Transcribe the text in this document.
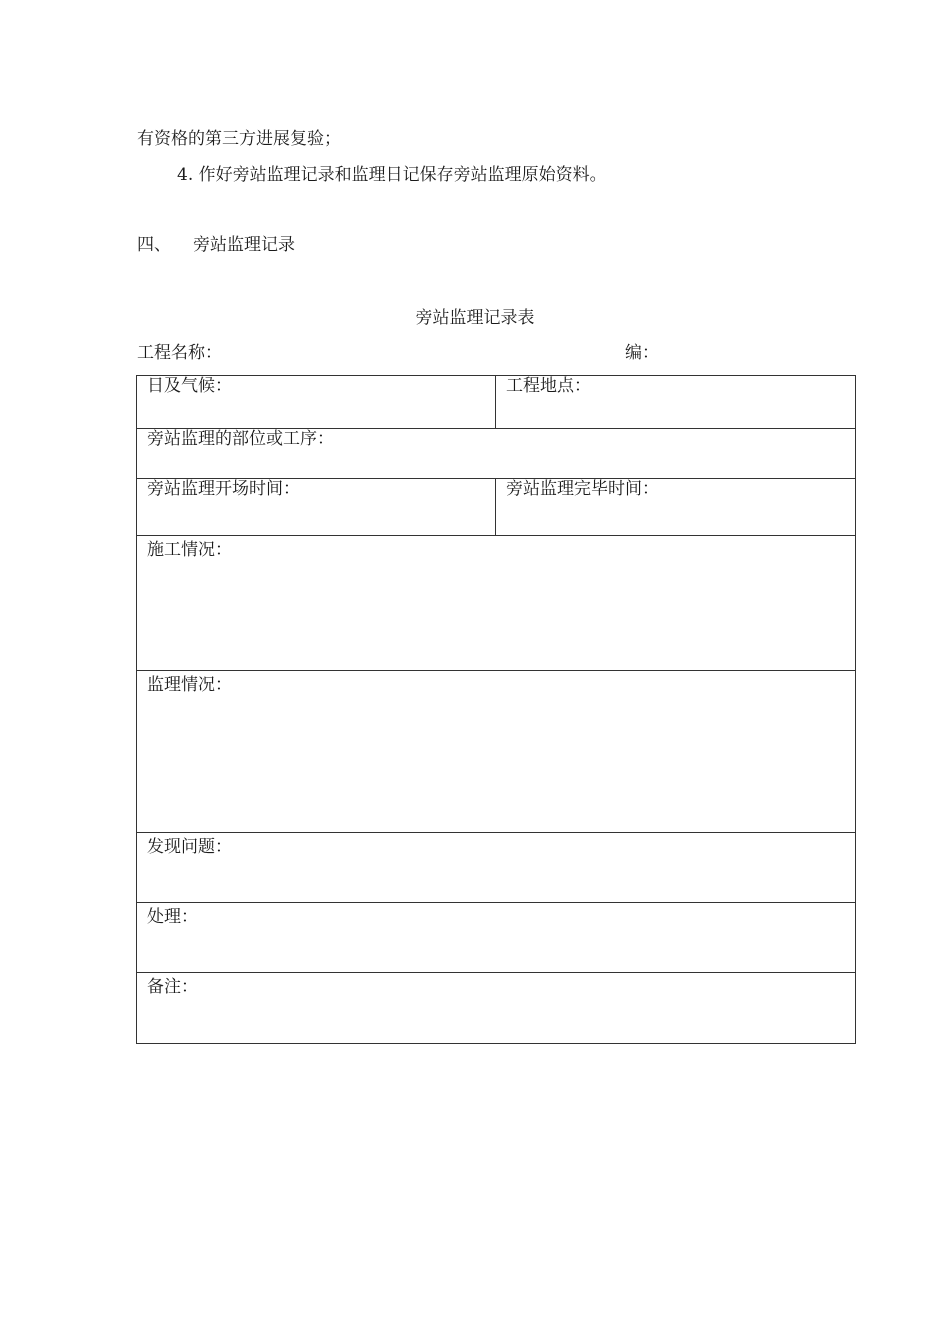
有资格的第三方进展复验；
4. 作好旁站监理记录和监理日记保存旁站监理原始资料。
四、 旁站监理记录
旁站监理记录表
工程名称：	编：
日及气候：	工程地点：

旁站监理的部位或工序：	

旁站监理开场时间：	旁站监理完毕时间：

施工情况：	

监理情况：	

发现问题：	

处理：	

备注：	
